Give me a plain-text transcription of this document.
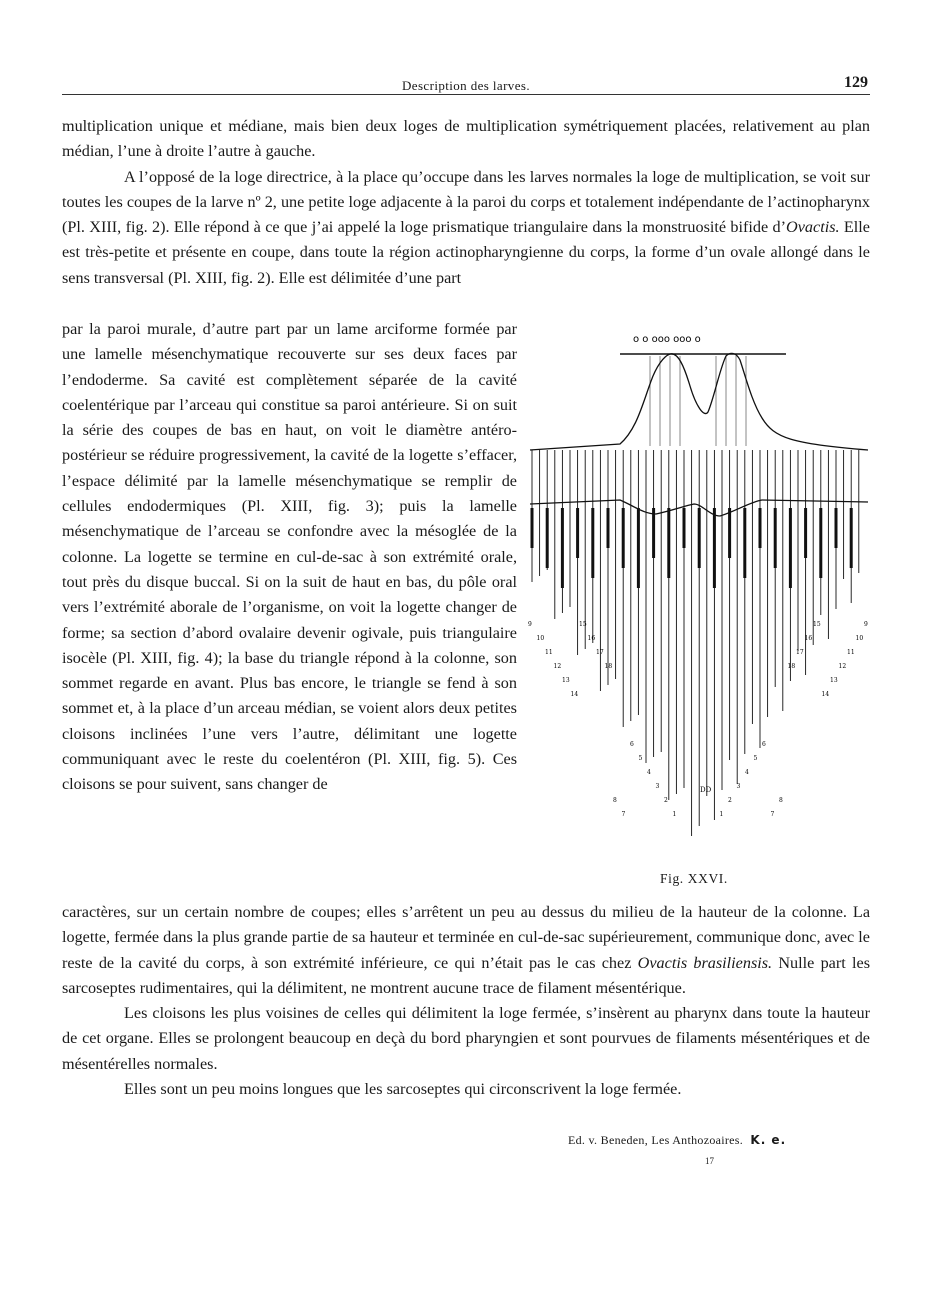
Description des larves.	129

multiplication unique et médiane, mais bien deux loges de multiplication symétriquement placées, relativement au plan médian, l’une à droite l’autre à gauche.

A l’opposé de la loge directrice, à la place qu’occupe dans les larves normales la loge de multiplication, se voit sur toutes les coupes de la larve nº 2, une petite loge adjacente à la paroi du corps et totalement indépendante de l’actinopharynx (Pl. XIII, fig. 2). Elle répond à ce que j’ai appelé la loge prismatique triangulaire dans la monstruosité bifide d’Ovactis. Elle est très-petite et présente en coupe, dans toute la région actinopharyngienne du corps, la forme d’un ovale allongé dans le sens transversal (Pl. XIII, fig. 2). Elle est délimitée d’une part

par la paroi murale, d’autre part par un lame arciforme formée par une lamelle mésenchymatique recouverte sur ses deux faces par l’endoderme. Sa cavité est complètement séparée de la cavité coelentérique par l’arceau qui constitue sa paroi antérieure. Si on suit la série des coupes de bas en haut, on voit le diamètre antéro-postérieur se réduire progressivement, la cavité de la logette s’effacer, l’espace délimité par la lamelle mésenchymatique se remplir de cellules endodermiques (Pl. XIII, fig. 3); puis la lamelle mésenchymatique de l’arceau se confondre avec la mésoglée de la colonne. La logette se termine en cul-de-sac à son extrémité orale, tout près du disque buccal. Si on la suit de haut en bas, du pôle oral vers l’extrémité aborale de l’organisme, on voit la logette changer de forme; sa section d’abord ovalaire devenir ogivale, puis triangulaire isocèle (Pl. XIII, fig. 4); la base du triangle répond à la colonne, son sommet regarde en avant. Plus bas encore, le triangle se fend à son sommet et, à la place d’un arceau médian, se voient alors deux petites cloisons inclinées l’une vers l’autre, délimitant une logette communiquant avec le reste du coelentéron (Pl. XIII, fig. 5). Ces cloisons se pour suivent, sans changer de

o o ooo ooo o
DD
9
10
11
12
13
14
15
16
17
18
8
7
6
5
4
3
2
1
9
10
11
12
13
14
15
16
17
18
8
7
6
5
4
3
2
1
Fig. XXVI.

caractères, sur un certain nombre de coupes; elles s’arrêtent un peu au dessus du milieu de la hauteur de la colonne. La logette, fermée dans la plus grande partie de sa hauteur et terminée en cul-de-sac supérieurement, communique donc, avec le reste de la cavité du corps, à son extrémité inférieure, ce qui n’était pas le cas chez Ovactis brasiliensis. Nulle part les sarcoseptes rudimentaires, qui la délimitent, ne montrent aucune trace de filament mésentérique.

Les cloisons les plus voisines de celles qui délimitent la loge fermée, s’insèrent au pharynx dans toute la hauteur de cet organe. Elles se prolongent beaucoup en deçà du bord pharyngien et sont pourvues de filaments mésentériques et de mésentérelles normales.

Elles sont un peu moins longues que les sarcoseptes qui circonscrivent la loge fermée.

Ed. v. Beneden, Les Anthozoaires. K. e.
17
